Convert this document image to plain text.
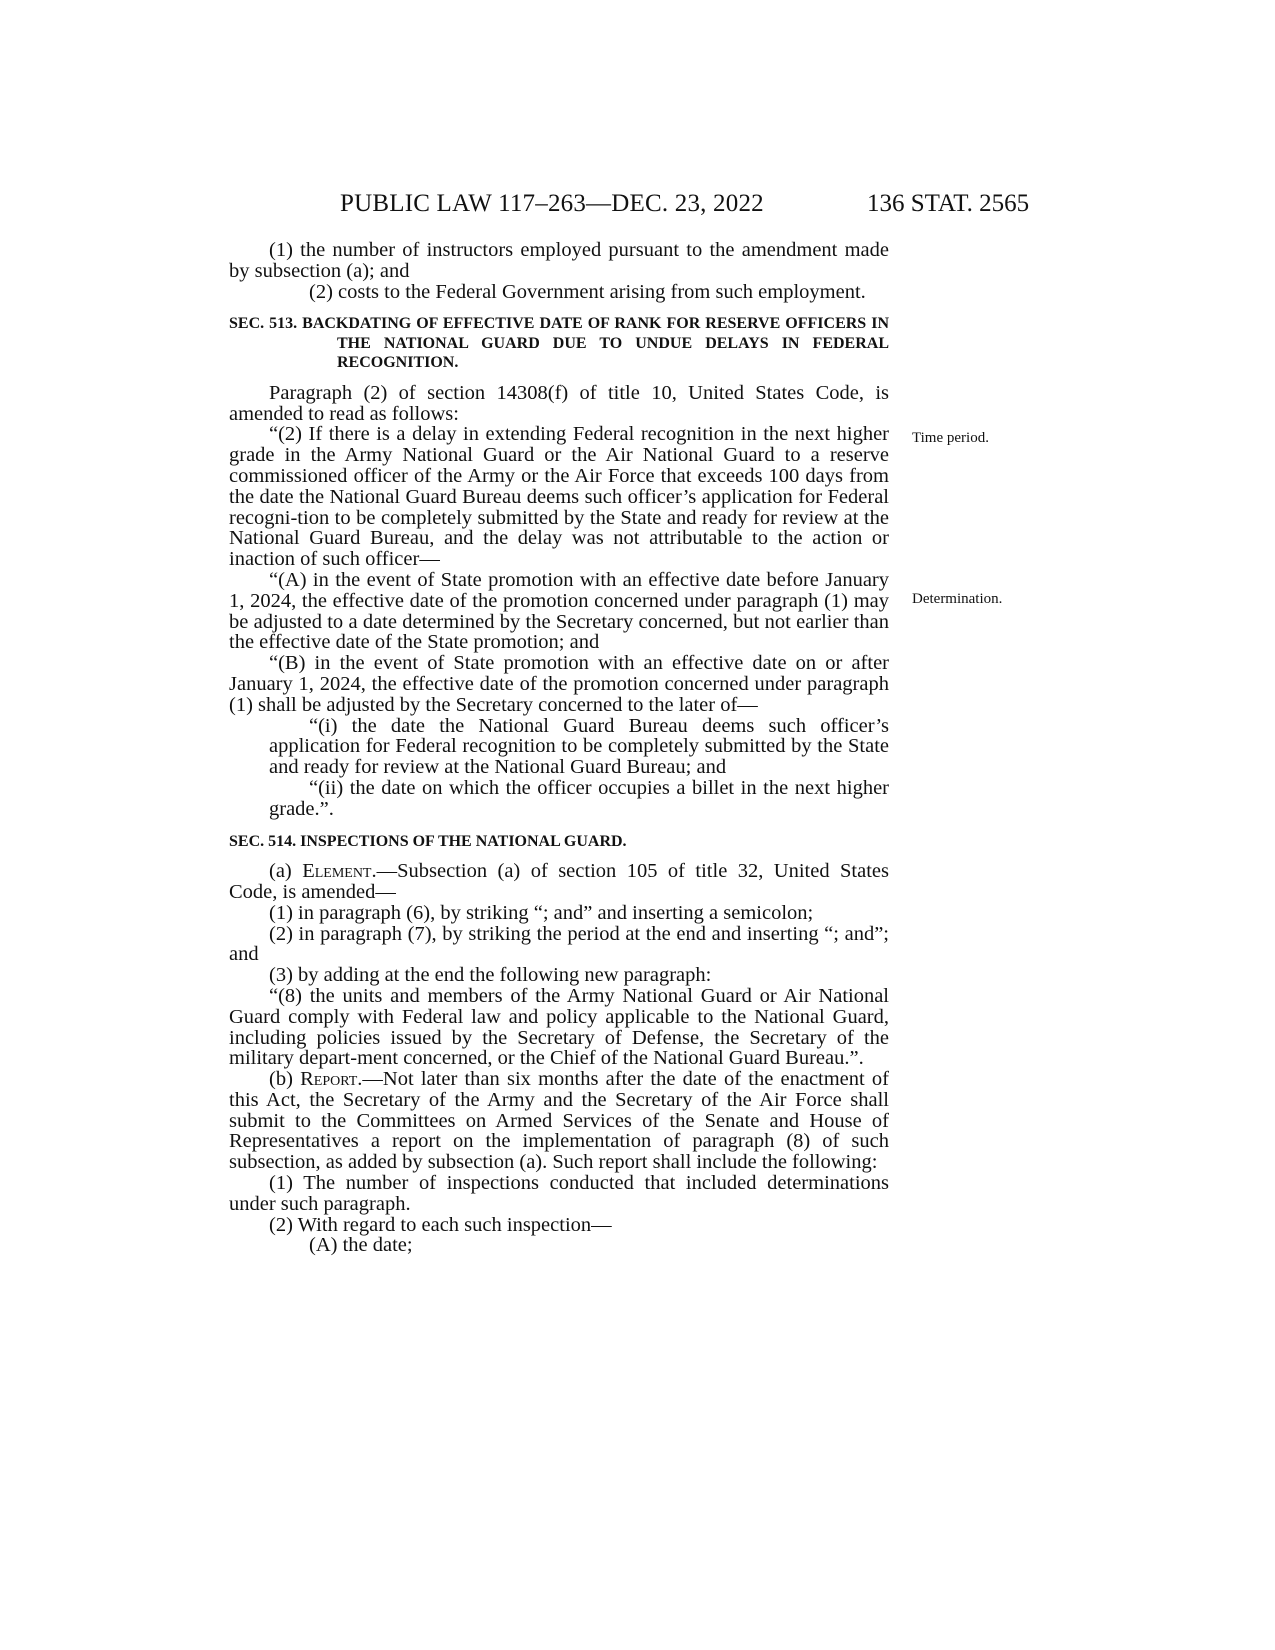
PUBLIC LAW 117–263—DEC. 23, 2022	136 STAT. 2565
Time period.
Determination.

(1) the number of instructors employed pursuant to the amendment made by subsection (a); and

(2) costs to the Federal Government arising from such employment.

SEC. 513. BACKDATING OF EFFECTIVE DATE OF RANK FOR RESERVE OFFICERS IN THE NATIONAL GUARD DUE TO UNDUE DELAYS IN FEDERAL RECOGNITION.

Paragraph (2) of section 14308(f) of title 10, United States Code, is amended to read as follows:

“(2) If there is a delay in extending Federal recognition in the next higher grade in the Army National Guard or the Air National Guard to a reserve commissioned officer of the Army or the Air Force that exceeds 100 days from the date the National Guard Bureau deems such officer’s application for Federal recogni-tion to be completely submitted by the State and ready for review at the National Guard Bureau, and the delay was not attributable to the action or inaction of such officer—

“(A) in the event of State promotion with an effective date before January 1, 2024, the effective date of the promotion concerned under paragraph (1) may be adjusted to a date determined by the Secretary concerned, but not earlier than the effective date of the State promotion; and

“(B) in the event of State promotion with an effective date on or after January 1, 2024, the effective date of the promotion concerned under paragraph (1) shall be adjusted by the Secretary concerned to the later of—

“(i) the date the National Guard Bureau deems such officer’s application for Federal recognition to be completely submitted by the State and ready for review at the National Guard Bureau; and

“(ii) the date on which the officer occupies a billet in the next higher grade.”.

SEC. 514. INSPECTIONS OF THE NATIONAL GUARD.

(a) Element.—Subsection (a) of section 105 of title 32, United States Code, is amended—

(1) in paragraph (6), by striking “; and” and inserting a semicolon;

(2) in paragraph (7), by striking the period at the end and inserting “; and”; and

(3) by adding at the end the following new paragraph:

“(8) the units and members of the Army National Guard or Air National Guard comply with Federal law and policy applicable to the National Guard, including policies issued by the Secretary of Defense, the Secretary of the military depart-ment concerned, or the Chief of the National Guard Bureau.”.

(b) Report.—Not later than six months after the date of the enactment of this Act, the Secretary of the Army and the Secretary of the Air Force shall submit to the Committees on Armed Services of the Senate and House of Representatives a report on the implementation of paragraph (8) of such subsection, as added by subsection (a). Such report shall include the following:

(1) The number of inspections conducted that included determinations under such paragraph.

(2) With regard to each such inspection—

(A) the date;
